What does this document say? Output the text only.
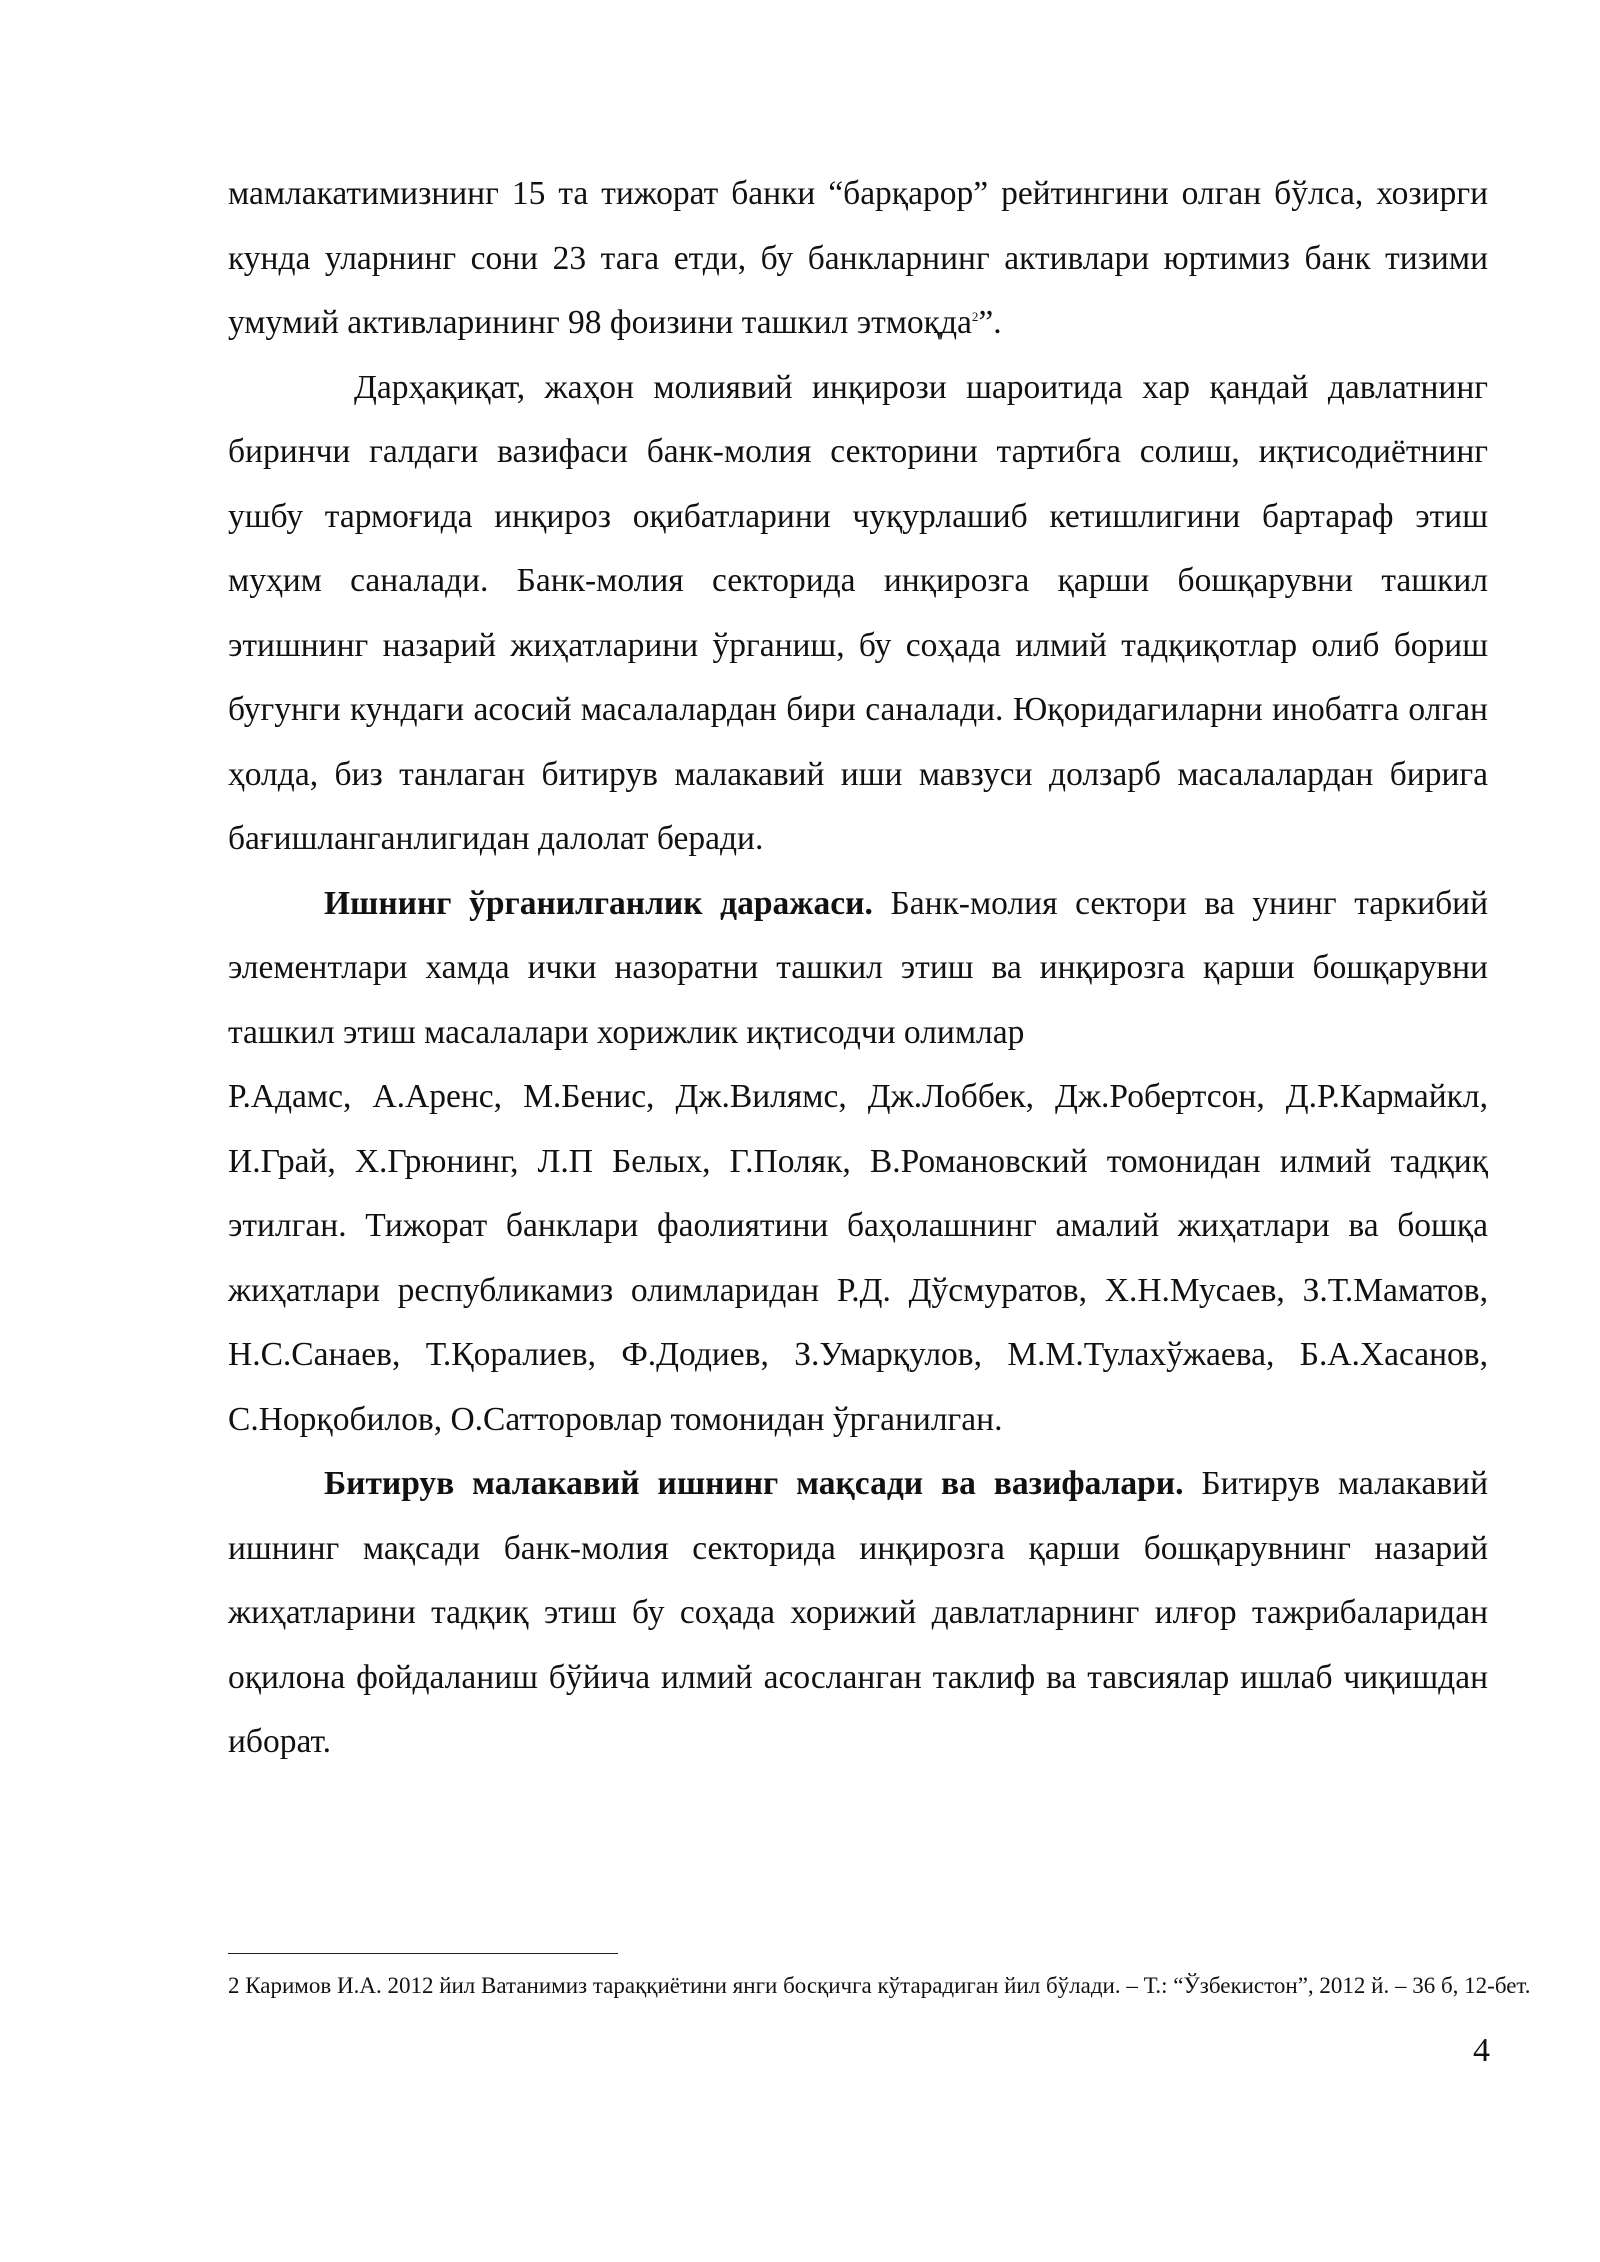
мамлакатимизнинг 15 та тижорат банки “барқарор” рейтингини олган бўлса, хозирги кунда уларнинг сони 23 тага етди, бу банкларнинг активлари юртимиз банк тизими умумий активларининг 98 фоизини ташкил этмоқда$^2$”.

Дарҳақиқат, жаҳон молиявий инқирози шароитида хар қандай давлатнинг биринчи галдаги вазифаси банк-молия секторини тартибга солиш, иқтисодиётнинг ушбу тармоғида инқироз оқибатларини чуқурлашиб кетишлигини бартараф этиш муҳим саналади. Банк-молия секторида инқирозга қарши бошқарувни ташкил этишнинг назарий жиҳатларини ўрганиш, бу соҳада илмий тадқиқотлар олиб бориш бугунги кундаги асосий масалалардан бири саналади. Юқоридагиларни инобатга олган ҳолда, биз танлаган битирув малакавий иши мавзуси долзарб масалалардан бирига бағишланганлигидан далолат беради.

Ишнинг ўрганилганлик даражаси. Банк-молия сектори ва унинг таркибий элементлари хамда ички назоратни ташкил этиш ва инқирозга қарши бошқарувни ташкил этиш масалалари хорижлик иқтисодчи олимлар

Р.Адамс, А.Аренс, М.Бенис, Дж.Вилямс, Дж.Лоббек, Дж.Робертсон, Д.Р.Кармайкл, И.Грай, Х.Грюнинг, Л.П Белых, Г.Поляк, В.Романовский томонидан илмий тадқиқ этилган. Тижорат банклари фаолиятини баҳолашнинг амалий жиҳатлари ва бошқа жиҳатлари республикамиз олимларидан Р.Д. Дўсмуратов, Х.Н.Мусаев, З.Т.Маматов, Н.С.Санаев, Т.Қоралиев, Ф.Додиев, З.Умарқулов, М.М.Тулахўжаева, Б.А.Хасанов, С.Норқобилов, О.Сатторовлар томонидан ўрганилган.

Битирув малакавий ишнинг мақсади ва вазифалари. Битирув малакавий ишнинг мақсади банк-молия секторида инқирозга қарши бошқарувнинг назарий жиҳатларини тадқиқ этиш бу соҳада хорижий давлатларнинг илғор тажрибаларидан оқилона фойдаланиш бўйича илмий асосланган таклиф ва тавсиялар ишлаб чиқишдан иборат.

2 Каримов И.А. 2012 йил Ватанимиз тараққиётини янги босқичга кўтарадиган йил бўлади. – Т.: “Ўзбекистон”, 2012 й. – 36 б, 12-бет.
4
